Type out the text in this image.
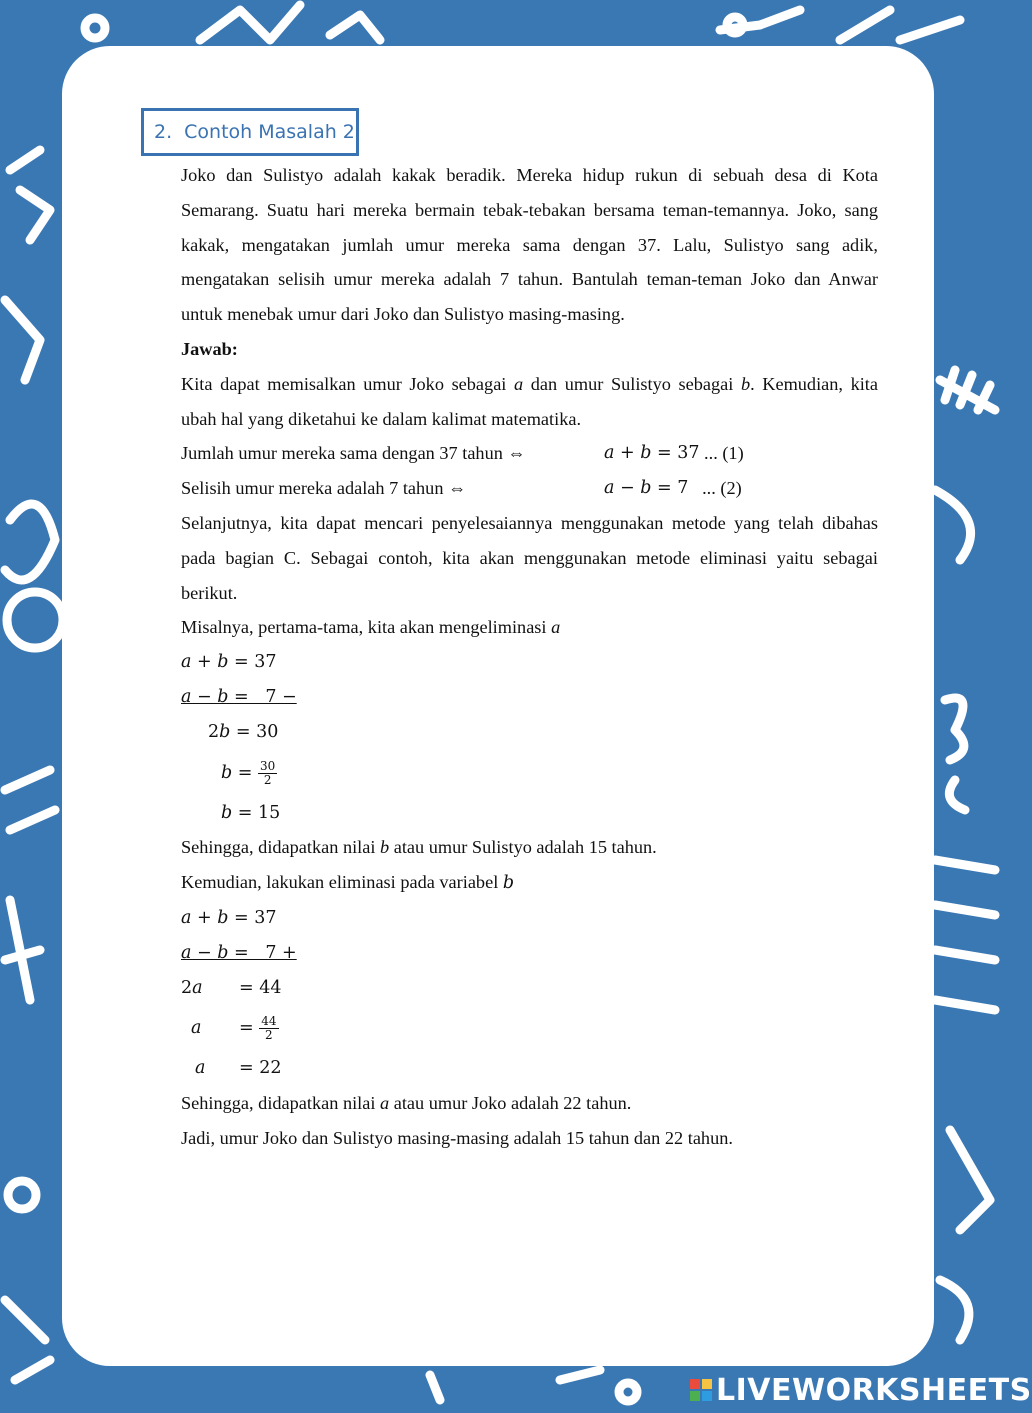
2. Contoh Masalah 2

Joko dan Sulistyo adalah kakak beradik. Mereka hidup rukun di sebuah desa di Kota Semarang. Suatu hari mereka bermain tebak-tebakan bersama teman-temannya. Joko, sang kakak, mengatakan jumlah umur mereka sama dengan 37. Lalu, Sulistyo sang adik, mengatakan selisih umur mereka adalah 7 tahun. Bantulah teman-teman Joko dan Anwar untuk menebak umur dari Joko dan Sulistyo masing-masing.

Jawab:

Kita dapat memisalkan umur Joko sebagai a dan umur Sulistyo sebagai b. Kemudian, kita ubah hal yang diketahui ke dalam kalimat matematika.

Jumlah umur mereka sama dengan 37 tahun ⇔	𝑎 + 𝑏 = 37 ... (1)
Selisih umur mereka adalah 7 tahun ⇔	𝑎 − 𝑏 = 7 ... (2)

Selanjutnya, kita dapat mencari penyelesaiannya menggunakan metode yang telah dibahas pada bagian C. Sebagai contoh, kita akan menggunakan metode eliminasi yaitu sebagai berikut.

Misalnya, pertama-tama, kita akan mengeliminasi a

𝑎 + 𝑏 = 37

𝑎 − 𝑏 =   7 −

2𝑏 = 30

𝑏 = $\frac{30}{2}$

𝑏 = 15

Sehingga, didapatkan nilai b atau umur Sulistyo adalah 15 tahun.

Kemudian, lakukan eliminasi pada variabel 𝑏

𝑎 + 𝑏 = 37

𝑎 − 𝑏 =   7 +

2𝑎 = 44

𝑎 = $\frac{44}{2}$

𝑎 = 22

Sehingga, didapatkan nilai a atau umur Joko adalah 22 tahun.

Jadi, umur Joko dan Sulistyo masing-masing adalah 15 tahun dan 22 tahun.

LIVEWORKSHEETS
